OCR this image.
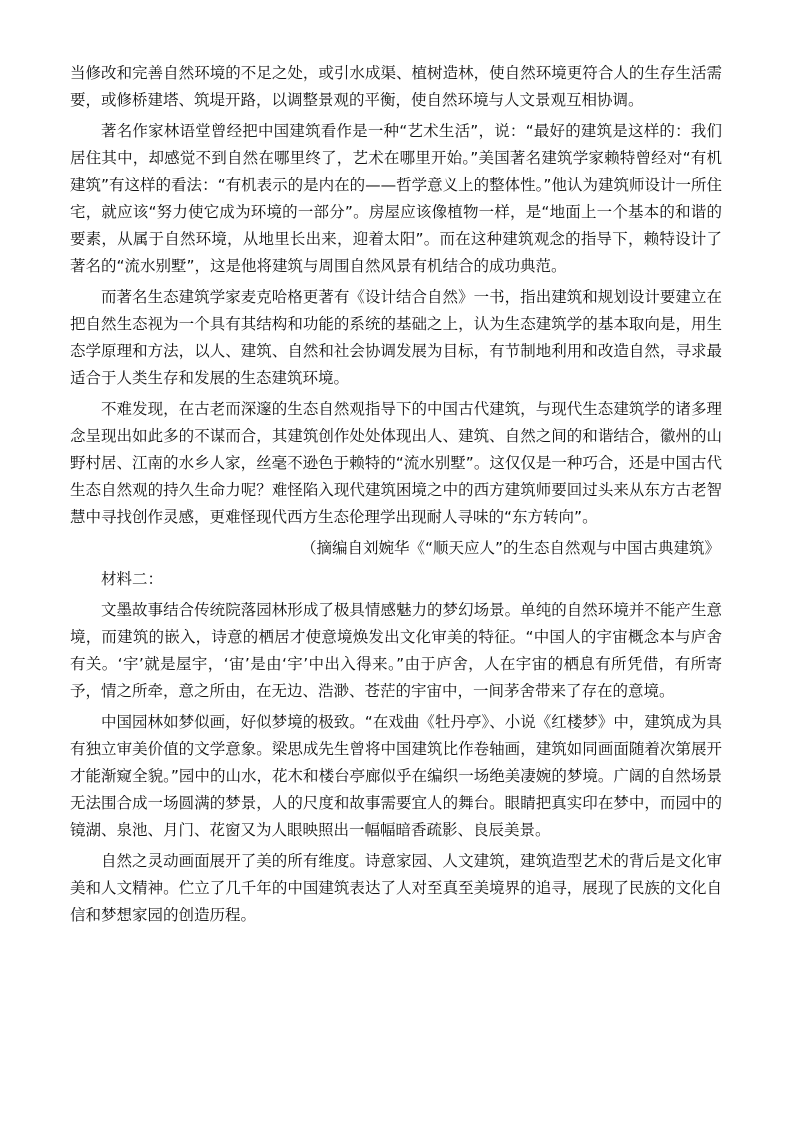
当修改和完善自然环境的不足之处，或引水成渠、植树造林，使自然环境更符合人的生存生活需要，或修桥建塔、筑堤开路，以调整景观的平衡，使自然环境与人文景观互相协调。

著名作家林语堂曾经把中国建筑看作是一种“艺术生活”，说：“最好的建筑是这样的：我们居住其中，却感觉不到自然在哪里终了，艺术在哪里开始。”美国著名建筑学家赖特曾经对“有机建筑”有这样的看法：“有机表示的是内在的——哲学意义上的整体性。”他认为建筑师设计一所住宅，就应该“努力使它成为环境的一部分”。房屋应该像植物一样，是“地面上一个基本的和谐的要素，从属于自然环境，从地里长出来，迎着太阳”。而在这种建筑观念的指导下，赖特设计了著名的“流水别墅”，这是他将建筑与周围自然风景有机结合的成功典范。

而著名生态建筑学家麦克哈格更著有《设计结合自然》一书，指出建筑和规划设计要建立在把自然生态视为一个具有其结构和功能的系统的基础之上，认为生态建筑学的基本取向是，用生态学原理和方法，以人、建筑、自然和社会协调发展为目标，有节制地利用和改造自然，寻求最适合于人类生存和发展的生态建筑环境。

不难发现，在古老而深邃的生态自然观指导下的中国古代建筑，与现代生态建筑学的诸多理念呈现出如此多的不谋而合，其建筑创作处处体现出人、建筑、自然之间的和谐结合，徽州的山野村居、江南的水乡人家，丝毫不逊色于赖特的“流水别墅”。这仅仅是一种巧合，还是中国古代生态自然观的持久生命力呢？难怪陷入现代建筑困境之中的西方建筑师要回过头来从东方古老智慧中寻找创作灵感，更难怪现代西方生态伦理学出现耐人寻味的“东方转向”。

（摘编自刘婉华《“顺天应人”的生态自然观与中国古典建筑》

材料二：

文墨故事结合传统院落园林形成了极具情感魅力的梦幻场景。单纯的自然环境并不能产生意境，而建筑的嵌入，诗意的栖居才使意境焕发出文化审美的特征。“中国人的宇宙概念本与庐舍有关。‘宇’就是屋宇，‘宙’是由‘宇’中出入得来。”由于庐舍，人在宇宙的栖息有所凭借，有所寄予，情之所牵，意之所由，在无边、浩渺、苍茫的宇宙中，一间茅舍带来了存在的意境。

中国园林如梦似画，好似梦境的极致。“在戏曲《牡丹亭》、小说《红楼梦》中，建筑成为具有独立审美价值的文学意象。梁思成先生曾将中国建筑比作卷轴画，建筑如同画面随着次第展开才能渐窥全貌。”园中的山水，花木和楼台亭廊似乎在编织一场绝美凄婉的梦境。广阔的自然场景无法围合成一场圆满的梦景，人的尺度和故事需要宜人的舞台。眼睛把真实印在梦中，而园中的镜湖、泉池、月门、花窗又为人眼映照出一幅幅暗香疏影、良辰美景。

自然之灵动画面展开了美的所有维度。诗意家园、人文建筑，建筑造型艺术的背后是文化审美和人文精神。伫立了几千年的中国建筑表达了人对至真至美境界的追寻，展现了民族的文化自信和梦想家园的创造历程。
